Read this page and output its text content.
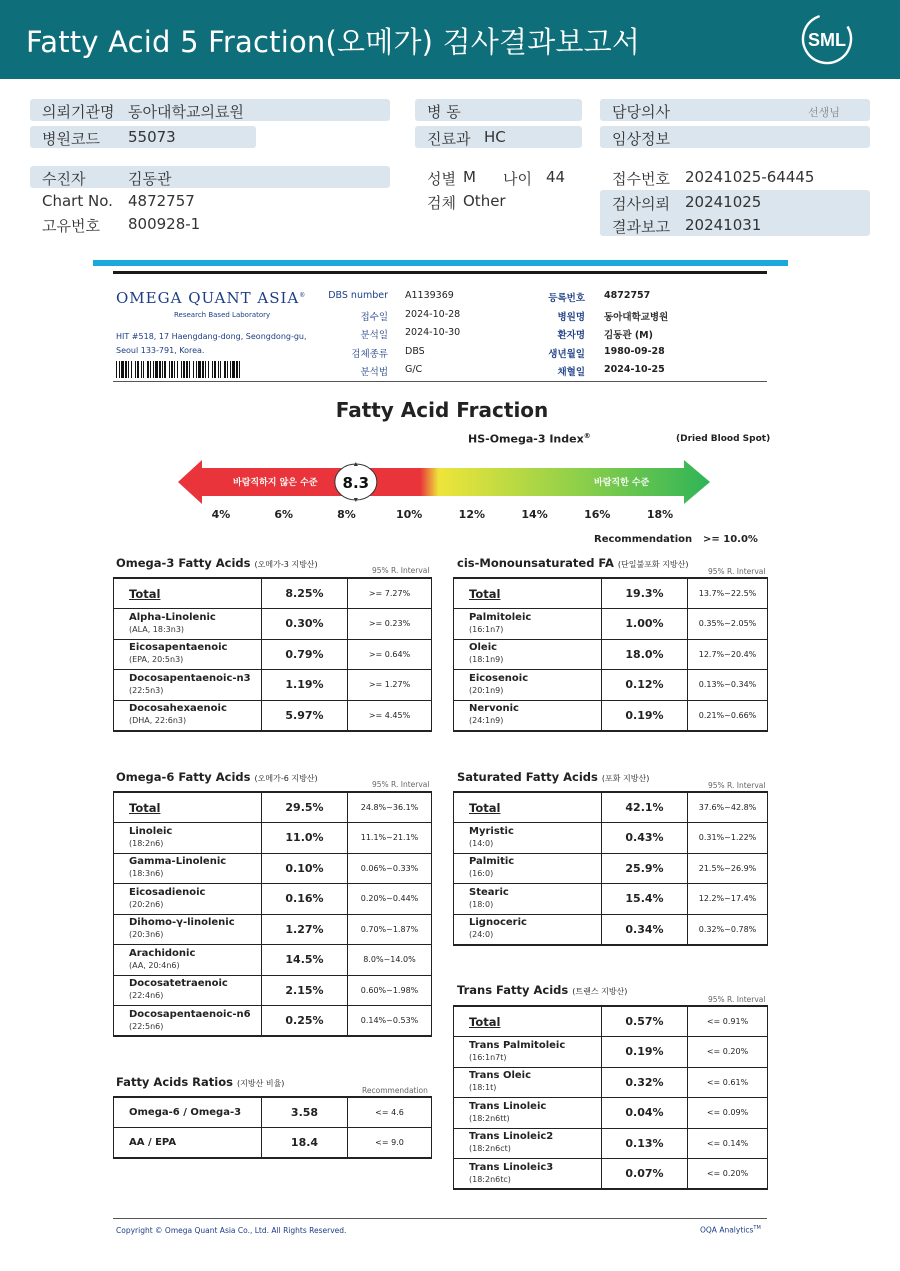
Fatty Acid 5 Fraction(오메가) 검사결과보고서	SML
의뢰기관명 동아대학교의료원
병원코드 55073
병 동
진료과 HC
담당의사	선생님
임상정보
수진자	김동관
Chart No. 4872757
고유번호 800928-1
성별 M 나이 44
검체 Other
접수번호 20241025-64445
검사의뢰 20241025
결과보고 20241031
OMEGA QUANT ASIA®
Research Based Laboratory
HIT #518, 17 Haengdang-dong, Seongdong-gu,
Seoul 133-791, Korea.
DBS number A1139369
접수일 2024-10-28
분석일 2024-10-30
검체종류 DBS
분석법 G/C
등록번호 4872757
병원명 동아대학교병원
환자명 김동관 (M)
생년월일 1980-09-28
채혈일 2024-10-25
Fatty Acid Fraction
HS-Omega-3 Index®	(Dried Blood Spot)
바람직하지 않은 수준	바람직한 수준
8.3
4%	6%	8%	10%	12%	14%	16%	18%
Recommendation >= 10.0%
Omega-3 Fatty Acids (오메가-3 지방산)
95% R. Interval
cis-Monounsaturated FA (단일불포화 지방산)
95% R. Interval
Omega-6 Fatty Acids (오메가-6 지방산)
95% R. Interval
Saturated Fatty Acids (포화 지방산)
95% R. Interval
Trans Fatty Acids (트랜스 지방산)
95% R. Interval
Fatty Acids Ratios (지방산 비율)
Recommendation
Total	8.25%	>= 7.27%

Alpha-Linolenic
(ALA, 18:3n3)	0.30%	>= 0.23%

Eicosapentaenoic
(EPA, 20:5n3)	0.79%	>= 0.64%

Docosapentaenoic-n3
(22:5n3)	1.19%	>= 1.27%

Docosahexaenoic
(DHA, 22:6n3)	5.97%	>= 4.45%
Total	19.3%	13.7%~22.5%

Palmitoleic
(16:1n7)	1.00%	0.35%~2.05%

Oleic
(18:1n9)	18.0%	12.7%~20.4%

Eicosenoic
(20:1n9)	0.12%	0.13%~0.34%

Nervonic
(24:1n9)	0.19%	0.21%~0.66%
Total	29.5%	24.8%~36.1%

Linoleic
(18:2n6)	11.0%	11.1%~21.1%

Gamma-Linolenic
(18:3n6)	0.10%	0.06%~0.33%

Eicosadienoic
(20:2n6)	0.16%	0.20%~0.44%

Dihomo-γ-linolenic
(20:3n6)	1.27%	0.70%~1.87%

Arachidonic
(AA, 20:4n6)	14.5%	8.0%~14.0%

Docosatetraenoic
(22:4n6)	2.15%	0.60%~1.98%

Docosapentaenoic-n6
(22:5n6)	0.25%	0.14%~0.53%
Total	42.1%	37.6%~42.8%

Myristic
(14:0)	0.43%	0.31%~1.22%

Palmitic
(16:0)	25.9%	21.5%~26.9%

Stearic
(18:0)	15.4%	12.2%~17.4%

Lignoceric
(24:0)	0.34%	0.32%~0.78%
Total	0.57%	<= 0.91%

Trans Palmitoleic
(16:1n7t)	0.19%	<= 0.20%

Trans Oleic
(18:1t)	0.32%	<= 0.61%

Trans Linoleic
(18:2n6tt)	0.04%	<= 0.09%

Trans Linoleic2
(18:2n6ct)	0.13%	<= 0.14%

Trans Linoleic3
(18:2n6tc)	0.07%	<= 0.20%
Omega-6 / Omega-3	3.58	<= 4.6

AA / EPA	18.4	<= 9.0
Copyright © Omega Quant Asia Co., Ltd. All Rights Reserved.	OQA Analytics™
